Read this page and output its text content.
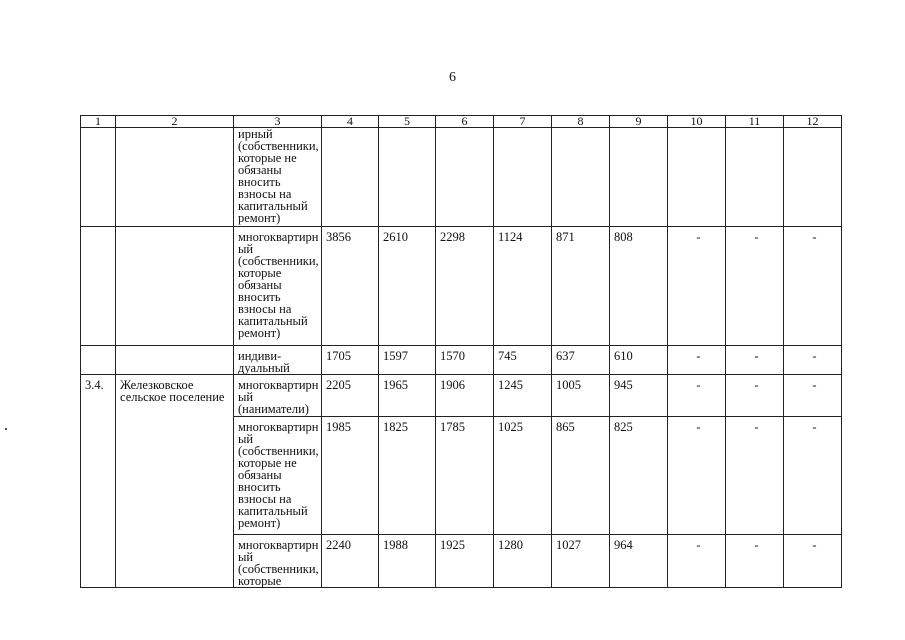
6
1	2	3	4	5	6	7	8	9	10	11	12
		ирный (собственники, которые не обязаны вносить взносы на капитальный ремонт)									
		многоквартирный (собственники, которые обязаны вносить взносы на капитальный ремонт)	3856	2610	2298	1124	871	808	-	-	-
		индиви-дуальный	1705	1597	1570	745	637	610	-	-	-
3.4.	Железковское сельское поселение	многоквартирный (наниматели)	2205	1965	1906	1245	1005	945	-	-	-
		многоквартирный (собственники, которые не обязаны вносить взносы на капитальный ремонт)	1985	1825	1785	1025	865	825	-	-	-
		многоквартирный (собственники, которые	2240	1988	1925	1280	1027	964	-	-	-
